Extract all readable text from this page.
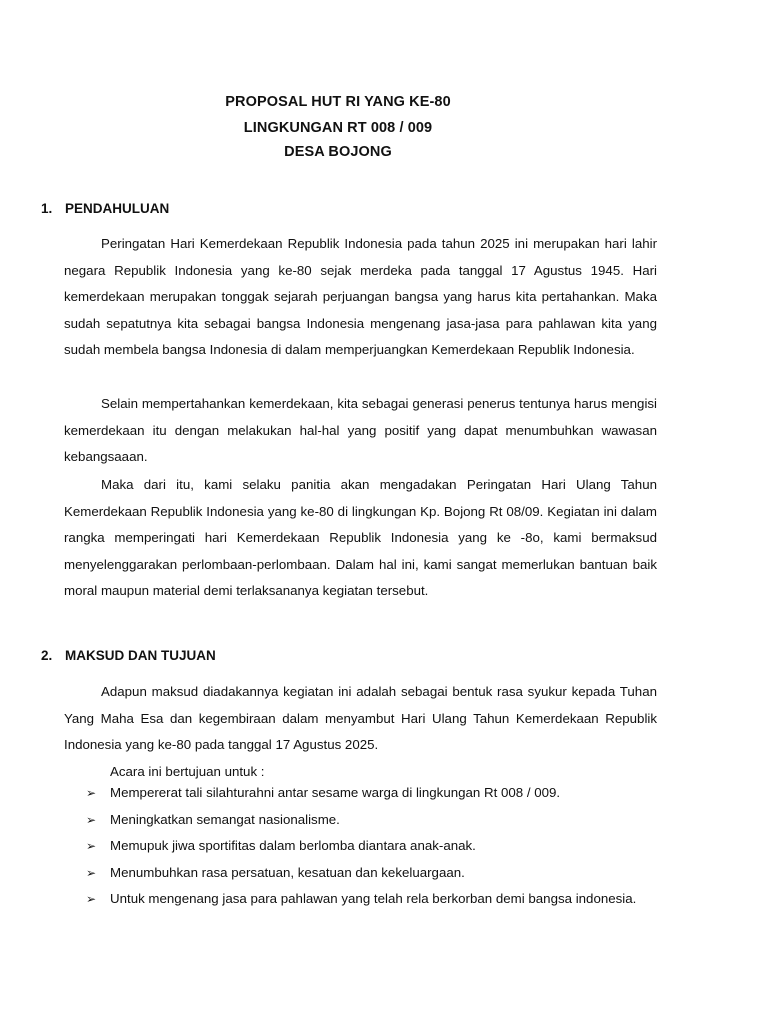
PROPOSAL HUT RI YANG KE-80
LINGKUNGAN RT 008 / 009
DESA BOJONG
1. PENDAHULUAN

Peringatan Hari Kemerdekaan Republik Indonesia pada tahun 2025 ini merupakan hari lahir negara Republik Indonesia yang ke-80 sejak merdeka pada tanggal 17 Agustus 1945. Hari kemerdekaan merupakan tonggak sejarah perjuangan bangsa yang harus kita pertahankan. Maka sudah sepatutnya kita sebagai bangsa Indonesia mengenang jasa-jasa para pahlawan kita yang sudah membela bangsa Indonesia di dalam memperjuangkan Kemerdekaan Republik Indonesia.

Selain mempertahankan kemerdekaan, kita sebagai generasi penerus tentunya harus mengisi kemerdekaan itu dengan melakukan hal-hal yang positif yang dapat menumbuhkan wawasan kebangsaaan.

Maka dari itu, kami selaku panitia akan mengadakan Peringatan Hari Ulang Tahun Kemerdekaan Republik Indonesia yang ke-80 di lingkungan Kp. Bojong Rt 08/09. Kegiatan ini dalam rangka memperingati hari Kemerdekaan Republik Indonesia yang ke -8o, kami bermaksud menyelenggarakan perlombaan-perlombaan. Dalam hal ini, kami sangat memerlukan bantuan baik moral maupun material demi terlaksananya kegiatan tersebut.

2. MAKSUD DAN TUJUAN

Adapun maksud diadakannya kegiatan ini adalah sebagai bentuk rasa syukur kepada Tuhan Yang Maha Esa dan kegembiraan dalam menyambut Hari Ulang Tahun Kemerdekaan Republik Indonesia yang ke-80 pada tanggal 17 Agustus 2025.

Acara ini bertujuan untuk :
➢	Mempererat tali silahturahni antar sesame warga di lingkungan Rt 008 / 009.
➢	Meningkatkan semangat nasionalisme.
➢	Memupuk jiwa sportifitas dalam berlomba diantara anak-anak.
➢	Menumbuhkan rasa persatuan, kesatuan dan kekeluargaan.
➢	Untuk mengenang jasa para pahlawan yang telah rela berkorban demi bangsa indonesia.
